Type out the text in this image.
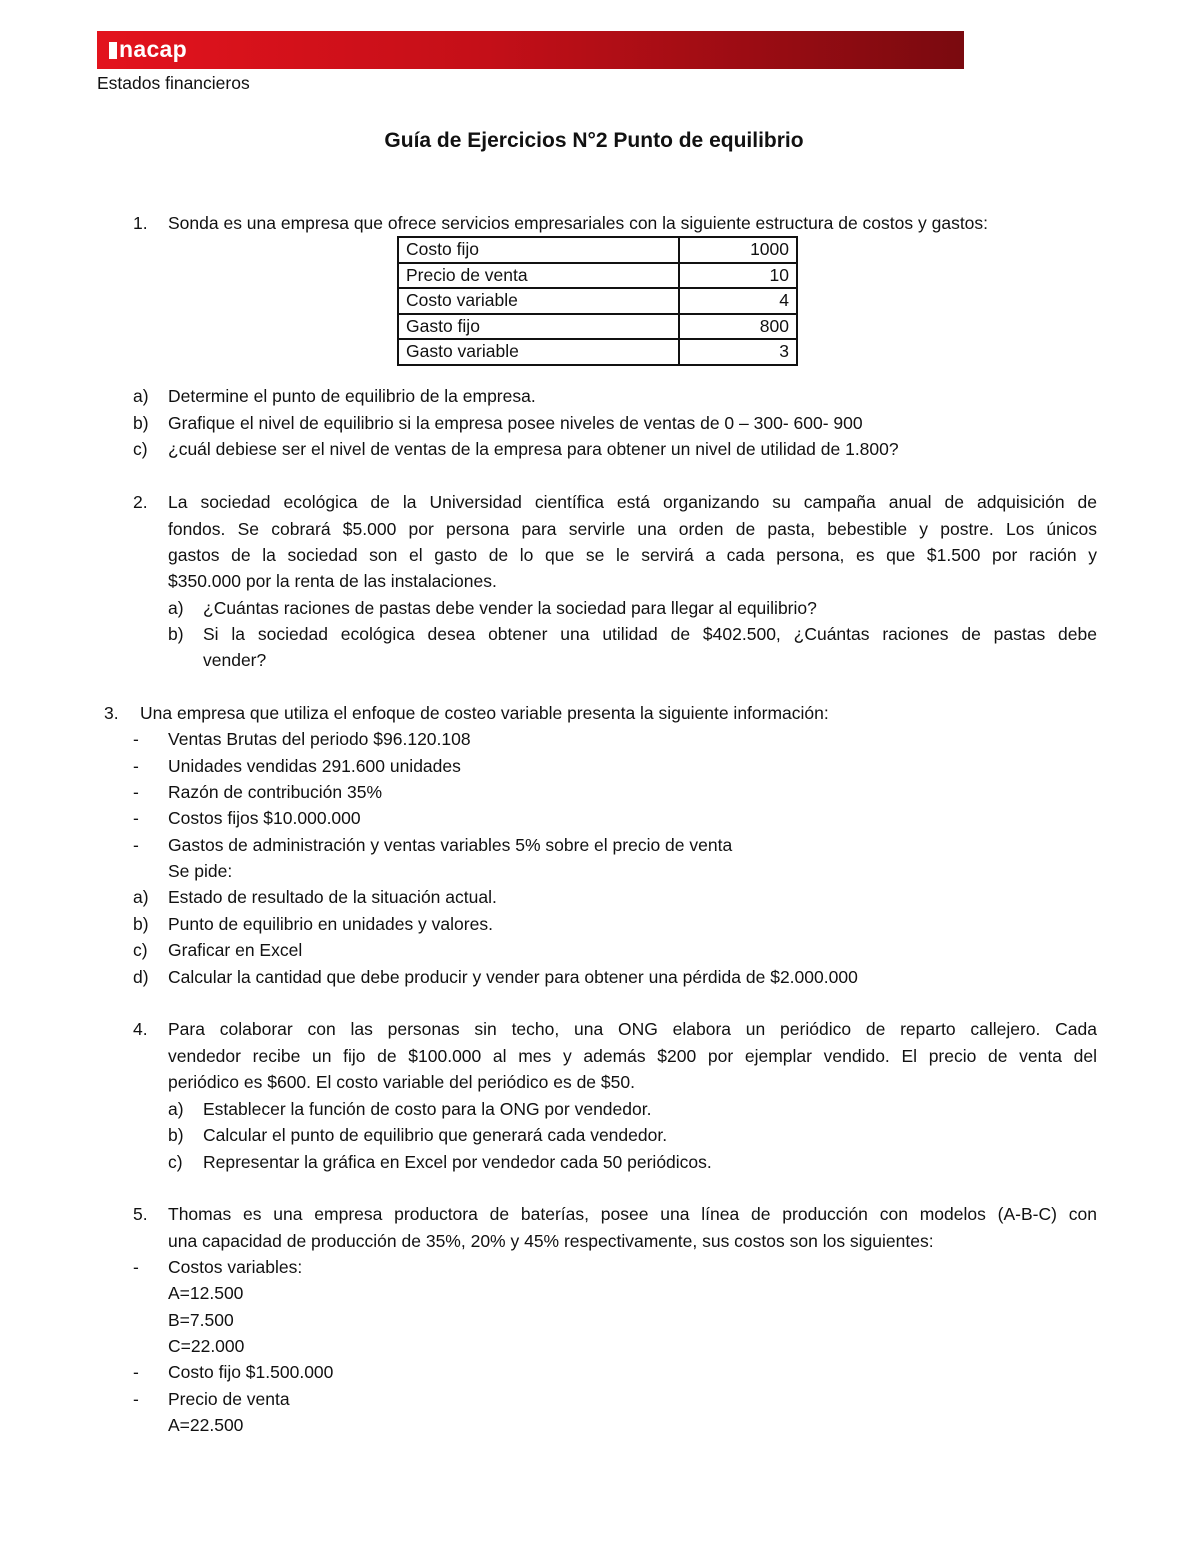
nacap
Estados financieros
Guía de Ejercicios N°2 Punto de equilibrio
1. Sonda es una empresa que ofrece servicios empresariales con la siguiente estructura de costos y gastos:
Costo fijo	1000
Precio de venta	10
Costo variable	4
Gasto fijo	800
Gasto variable	3
a) Determine el punto de equilibrio de la empresa.
b) Grafique el nivel de equilibrio si la empresa posee niveles de ventas de 0 – 300- 600- 900
c) ¿cuál debiese ser el nivel de ventas de la empresa para obtener un nivel de utilidad de 1.800?
2. La sociedad ecológica de la Universidad científica está organizando su campaña anual de adquisición de
fondos. Se cobrará $5.000 por persona para servirle una orden de pasta, bebestible y postre. Los únicos
gastos de la sociedad son el gasto de lo que se le servirá a cada persona, es que $1.500 por ración y
$350.000 por la renta de las instalaciones.
a) ¿Cuántas raciones de pastas debe vender la sociedad para llegar al equilibrio?
b) Si la sociedad ecológica desea obtener una utilidad de $402.500, ¿Cuántas raciones de pastas debe
vender?
3. Una empresa que utiliza el enfoque de costeo variable presenta la siguiente información:
- Ventas Brutas del periodo $96.120.108
- Unidades vendidas 291.600 unidades
- Razón de contribución 35%
- Costos fijos $10.000.000
- Gastos de administración y ventas variables 5% sobre el precio de venta
Se pide:
a) Estado de resultado de la situación actual.
b) Punto de equilibrio en unidades y valores.
c) Graficar en Excel
d) Calcular la cantidad que debe producir y vender para obtener una pérdida de $2.000.000
4. Para colaborar con las personas sin techo, una ONG elabora un periódico de reparto callejero. Cada
vendedor recibe un fijo de $100.000 al mes y además $200 por ejemplar vendido. El precio de venta del
periódico es $600. El costo variable del periódico es de $50.
a) Establecer la función de costo para la ONG por vendedor.
b) Calcular el punto de equilibrio que generará cada vendedor.
c) Representar la gráfica en Excel por vendedor cada 50 periódicos.
5. Thomas es una empresa productora de baterías, posee una línea de producción con modelos (A-B-C) con
una capacidad de producción de 35%, 20% y 45% respectivamente, sus costos son los siguientes:
- Costos variables:
A=12.500
B=7.500
C=22.000
- Costo fijo $1.500.000
- Precio de venta
A=22.500
